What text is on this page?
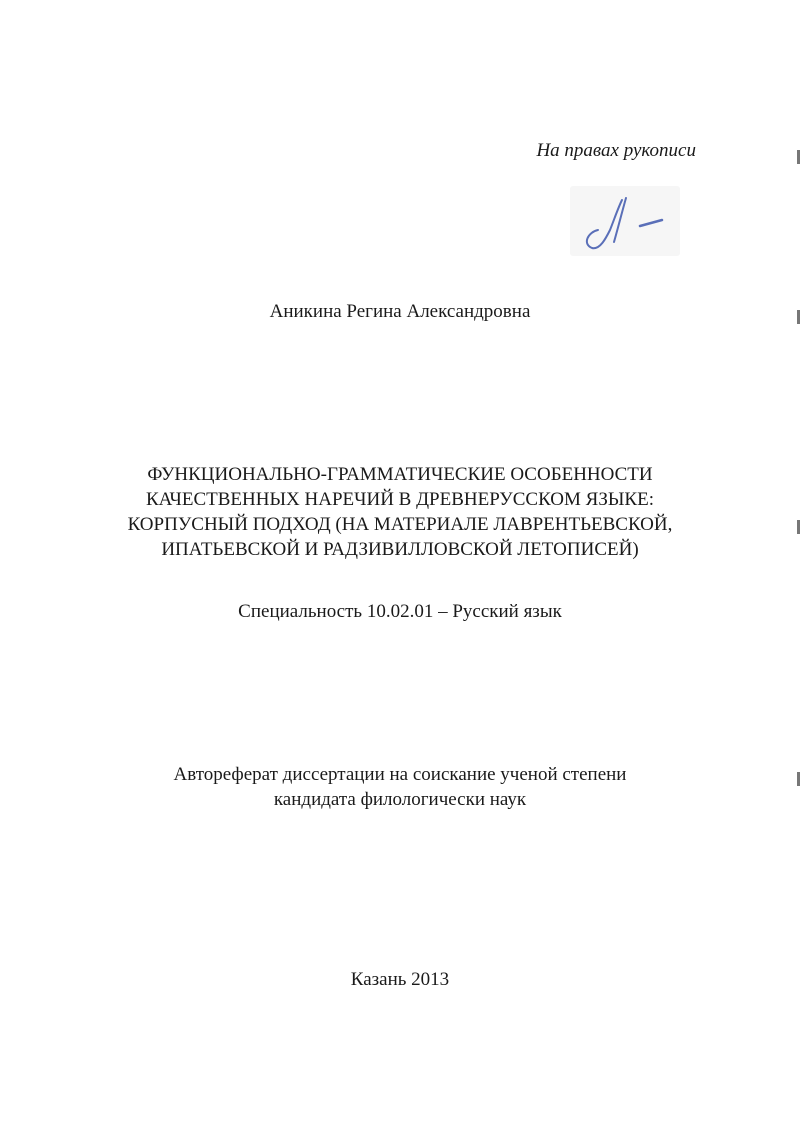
На правах рукописи
Аникина Регина Александровна
ФУНКЦИОНАЛЬНО-ГРАММАТИЧЕСКИЕ ОСОБЕННОСТИ
КАЧЕСТВЕННЫХ НАРЕЧИЙ В ДРЕВНЕРУССКОМ ЯЗЫКЕ:
КОРПУСНЫЙ ПОДХОД (НА МАТЕРИАЛЕ ЛАВРЕНТЬЕВСКОЙ,
ИПАТЬЕВСКОЙ И РАДЗИВИЛЛОВСКОЙ ЛЕТОПИСЕЙ)
Специальность 10.02.01 – Русский язык
Автореферат диссертации на соискание ученой степени
кандидата филологически наук
Казань 2013
